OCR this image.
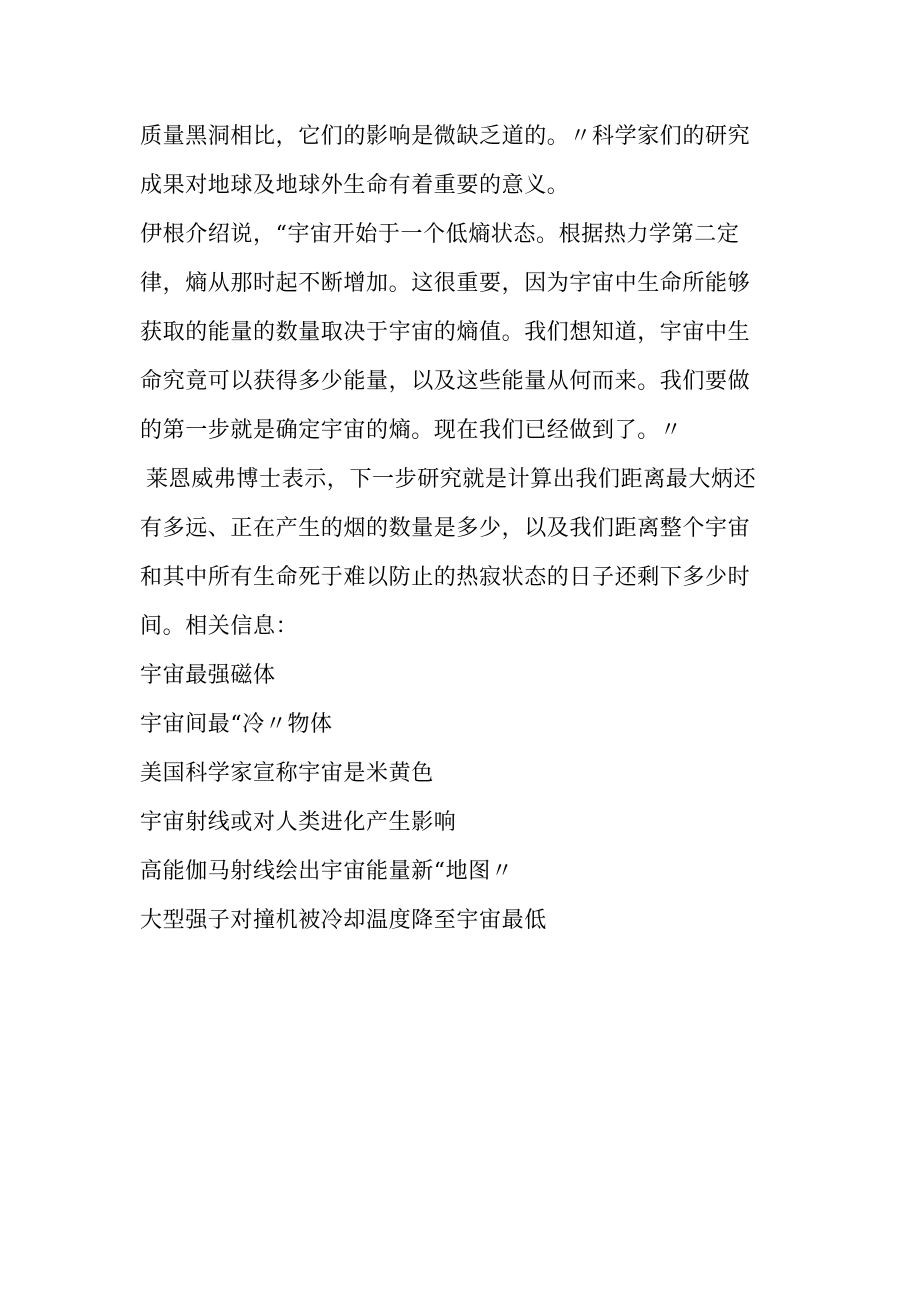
质量黑洞相比，它们的影响是微缺乏道的。〃科学家们的研究
成果对地球及地球外生命有着重要的意义。
伊根介绍说，“宇宙开始于一个低熵状态。根据热力学第二定
律，熵从那时起不断增加。这很重要，因为宇宙中生命所能够
获取的能量的数量取决于宇宙的熵值。我们想知道，宇宙中生
命究竟可以获得多少能量，以及这些能量从何而来。我们要做
的第一步就是确定宇宙的熵。现在我们已经做到了。〃
莱恩威弗博士表示，下一步研究就是计算出我们距离最大炳还
有多远、正在产生的烟的数量是多少，以及我们距离整个宇宙
和其中所有生命死于难以防止的热寂状态的日子还剩下多少时
间。相关信息：
宇宙最强磁体
宇宙间最“冷〃物体
美国科学家宣称宇宙是米黄色
宇宙射线或对人类进化产生影响
高能伽马射线绘出宇宙能量新“地图〃
大型强子对撞机被冷却温度降至宇宙最低
